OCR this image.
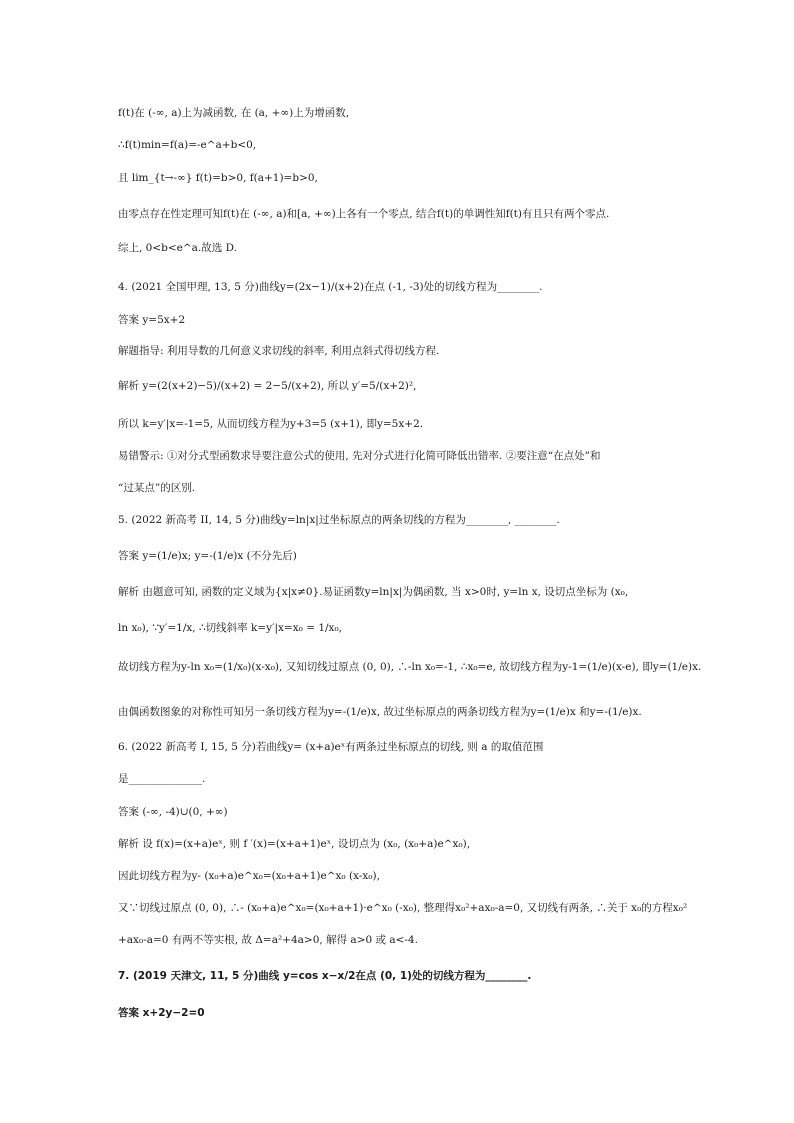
f(t)在 (-∞, a)上为减函数, 在 (a, +∞)上为增函数,
∴f(t)min=f(a)=-e^a+b<0,
且 lim_{t→-∞} f(t)=b>0, f(a+1)=b>0,
由零点存在性定理可知f(t)在 (-∞, a)和[a, +∞)上各有一个零点, 结合f(t)的单调性知f(t)有且只有两个零点.
综上, 0<b<e^a.故选 D.
4. (2021 全国甲理, 13, 5 分)曲线y=(2x−1)/(x+2)在点 (-1, -3)处的切线方程为________.
答案 y=5x+2
解题指导: 利用导数的几何意义求切线的斜率, 利用点斜式得切线方程.
解析 y=(2(x+2)−5)/(x+2) = 2−5/(x+2), 所以 y′=5/(x+2)²,
所以 k=y′|x=-1=5, 从而切线方程为y+3=5 (x+1), 即y=5x+2.
易错警示: ①对分式型函数求导要注意公式的使用, 先对分式进行化简可降低出错率. ②要注意“在点处”和
“过某点”的区别.
5. (2022 新高考 II, 14, 5 分)曲线y=ln|x|过坐标原点的两条切线的方程为________, ________.
答案 y=(1/e)x; y=-(1/e)x (不分先后)
解析 由题意可知, 函数的定义域为{x|x≠0}.易证函数y=ln|x|为偶函数, 当 x>0时, y=ln x, 设切点坐标为 (x₀,
ln x₀), ∵y′=1/x, ∴切线斜率 k=y′|x=x₀ = 1/x₀,
故切线方程为y-ln x₀=(1/x₀)(x-x₀), 又知切线过原点 (0, 0), ∴-ln x₀=-1, ∴x₀=e, 故切线方程为y-1=(1/e)(x-e), 即y=(1/e)x.
由偶函数图象的对称性可知另一条切线方程为y=-(1/e)x, 故过坐标原点的两条切线方程为y=(1/e)x 和y=-(1/e)x.
6. (2022 新高考 I, 15, 5 分)若曲线y= (x+a)eˣ有两条过坐标原点的切线, 则 a 的取值范围
是______________.
答案 (-∞, -4)∪(0, +∞)
解析 设 f(x)=(x+a)eˣ, 则 f ′(x)=(x+a+1)eˣ, 设切点为 (x₀, (x₀+a)e^x₀),
因此切线方程为y- (x₀+a)e^x₀=(x₀+a+1)e^x₀ (x-x₀),
又∵切线过原点 (0, 0), ∴- (x₀+a)e^x₀=(x₀+a+1)·e^x₀ (-x₀), 整理得x₀²+ax₀-a=0, 又切线有两条, ∴关于 x₀的方程x₀²
+ax₀-a=0 有两不等实根, 故 Δ=a²+4a>0, 解得 a>0 或 a<-4.
7. (2019 天津文, 11, 5 分)曲线 y=cos x−x/2在点 (0, 1)处的切线方程为________.
答案 x+2y−2=0
